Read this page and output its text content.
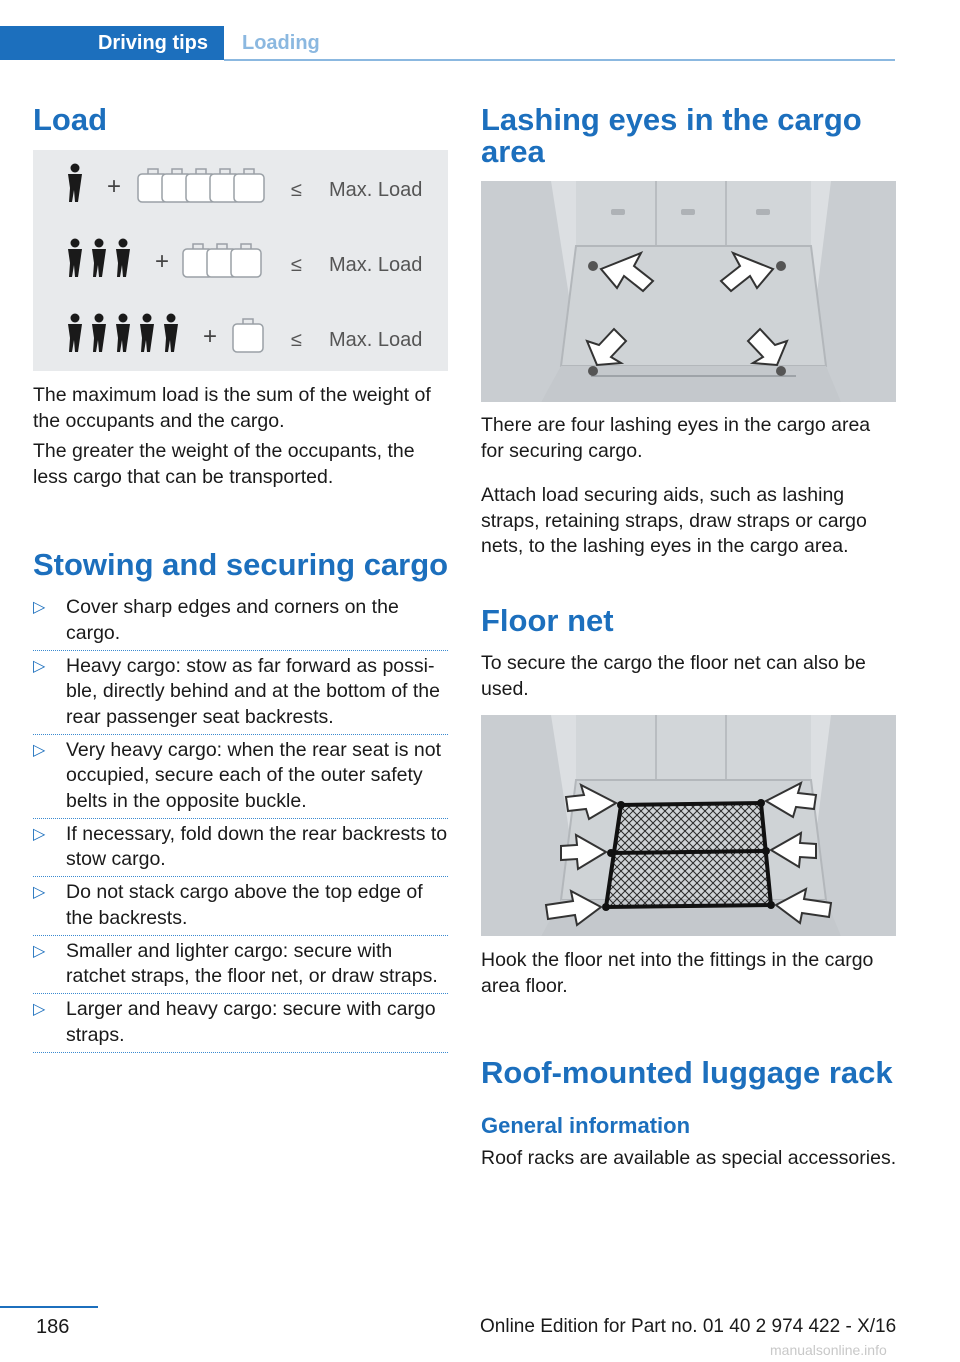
Driving tips	Loading
Load
+	≤ Max. Load
+	≤ Max. Load
+	≤ Max. Load

The maximum load is the sum of the weight of the occupants and the cargo.

The greater the weight of the occupants, the less cargo that can be transported.

Stowing and securing cargo
▷ Cover sharp edges and corners on the cargo.
▷ Heavy cargo: stow as far forward as possi‐ble, directly behind and at the bottom of the rear passenger seat backrests.
▷ Very heavy cargo: when the rear seat is not occupied, secure each of the outer safety belts in the opposite buckle.
▷ If necessary, fold down the rear backrests to stow cargo.
▷ Do not stack cargo above the top edge of the backrests.
▷ Smaller and lighter cargo: secure with ratchet straps, the floor net, or draw straps.
▷ Larger and heavy cargo: secure with cargo straps.
Lashing eyes in the cargo area

There are four lashing eyes in the cargo area for securing cargo.

Attach load securing aids, such as lashing straps, retaining straps, draw straps or cargo nets, to the lashing eyes in the cargo area.

Floor net

To secure the cargo the floor net can also be used.

Hook the floor net into the fittings in the cargo area floor.

Roof-mounted luggage rack
General information

Roof racks are available as special accessories.

186	Online Edition for Part no. 01 40 2 974 422 - X/16
manualsonline.info
